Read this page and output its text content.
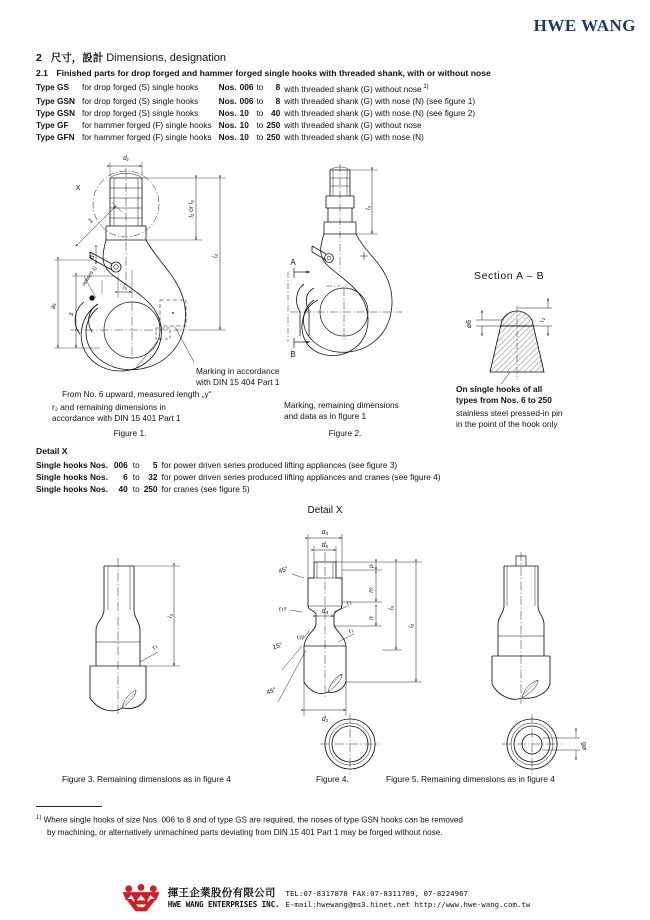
HWE WANG
2 尺寸，設計 Dimensions, designation
2.1 Finished parts for drop forged and hammer forged single hooks with threaded shank, with or without nose
Type GS	for drop forged (S) single hooks	Nos.	006	to	8	with threaded shank (G) without nose $^{1)}$
Type GSN	for drop forged (S) single hooks	Nos.	006	to	8	with threaded shank (G) with nose (N) (see figure 1)
Type GSN	for drop forged (S) single hooks	Nos.	10	to	40	with threaded shank (G) with nose (N) (see figure 2)
Type GF	for hammer forged (F) single hooks	Nos.	10	to	250	with threaded shank (G) without nose
Type GFN	for hammer forged (F) single hooks	Nos.	10	to	250	with threaded shank (G) with nose (N)
d₁
X
l₂ or l₃
l₄
a₁
z
1
d₇
l₅
upward 1)
Marking in accordance
with DIN 15 404 Part 1
From No. 6 upward, measured length „y“
r₂ and remaining dimensions in
accordance with DIN 15 401 Part 1
Figure 1.
l₃
A
B
Marking, remaining dimensions
and data as in figure 1
Figure 2.
Section A – B
⌀6	r₂
On single hooks of all
types from Nos. 6 to 250
stainless steel pressed-in pin
in the point of the hook only
Detail X
Single hooks Nos.	006	to	5	for power driven series produced lifting appliances (see figure 3)
Single hooks Nos.	6	to	32	for power driven series produced lifting appliances and cranes (see figure 4)
Single hooks Nos.	40	to	250	for cranes (see figure 5)
Detail X
l₃
r₁
d₃
d₅
d₄
d₂
p
m
n
l₃
l₄
45°
r₁₀
r₁₀
r₁
r₂
15°
45°
⌀6
Figure 3. Remaining dimensions as in figure 4	Figure 4.	Figure 5. Remaining dimensions as in figure 4
$^{1)}$ Where single hooks of size Nos. 006 to 8 and of type GS are required, the noses of type GSN hooks can be removed
by machining, or alternatively unmachined parts deviating from DIN 15 401 Part 1 may be forged without nose.
揮王企業股份有限公司
HWE WANG ENTERPRISES INC.
TEL:07-8317878 FAX:07-8311789, 07-8224967
E-mail:hwewang@ms3.hinet.net http://www.hwe-wang.com.tw
